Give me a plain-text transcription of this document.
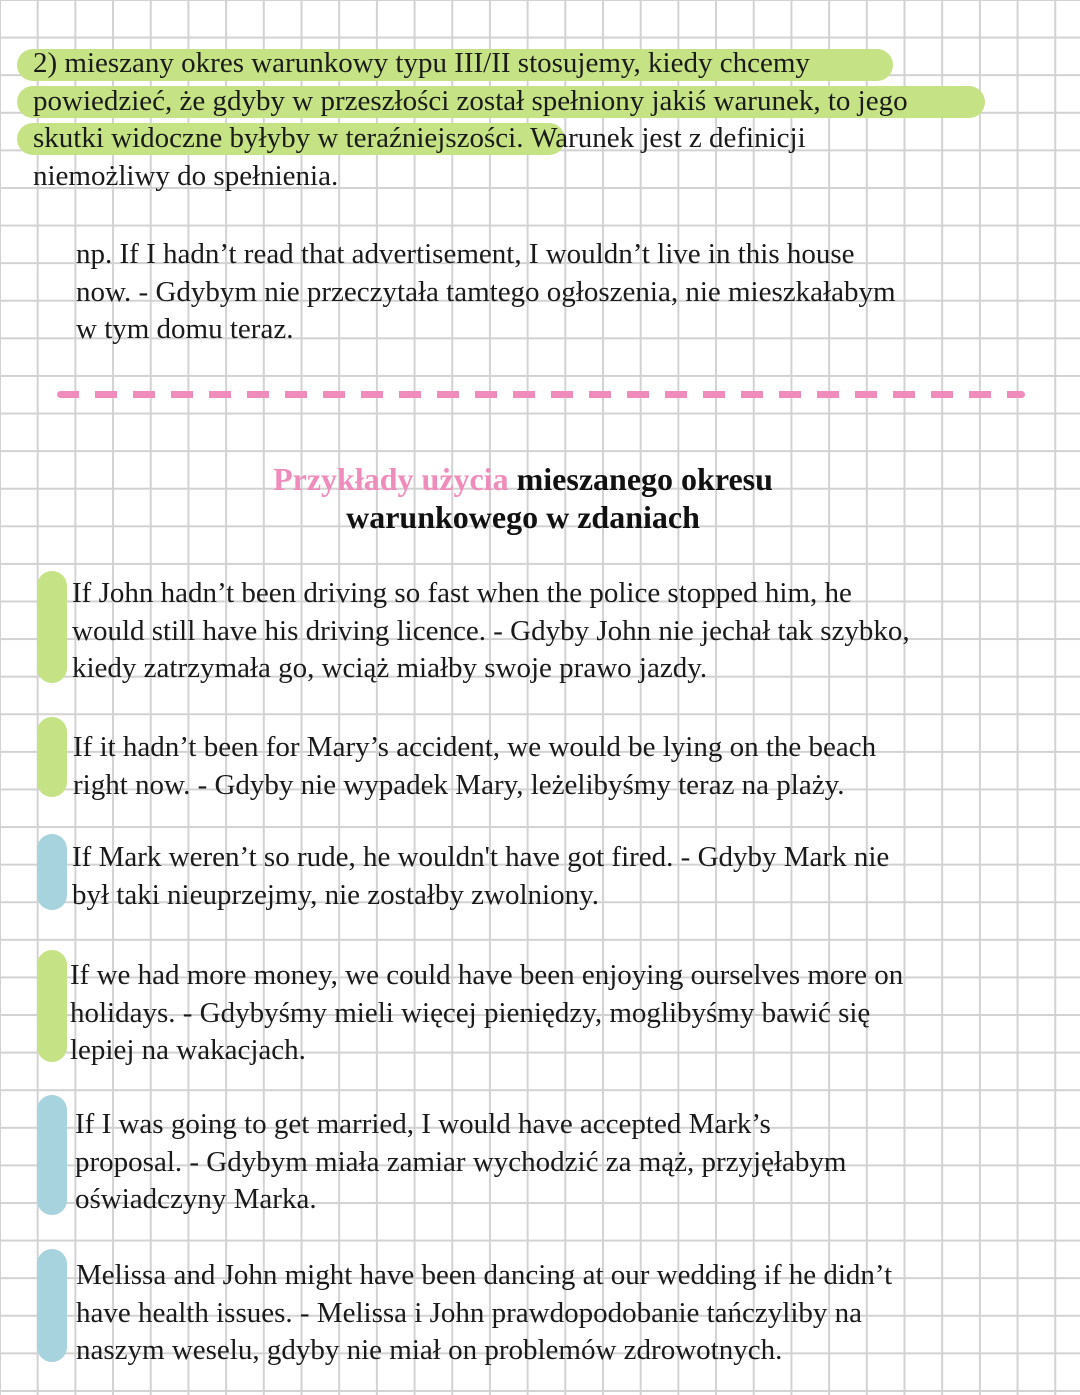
2) mieszany okres warunkowy typu III/II stosujemy, kiedy chcemy
powiedzieć, że gdyby w przeszłości został spełniony jakiś warunek, to jego
skutki widoczne byłyby w teraźniejszości. Warunek jest z definicji
niemożliwy do spełnienia.
np. If I hadn’t read that advertisement, I wouldn’t live in this house
now. - Gdybym nie przeczytała tamtego ogłoszenia, nie mieszkałabym
w tym domu teraz.
Przykłady użycia mieszanego okresu
warunkowego w zdaniach
If John hadn’t been driving so fast when the police stopped him, he
would still have his driving licence. - Gdyby John nie jechał tak szybko,
kiedy zatrzymała go, wciąż miałby swoje prawo jazdy.
If it hadn’t been for Mary’s accident, we would be lying on the beach
right now. - Gdyby nie wypadek Mary, leżelibyśmy teraz na plaży.
If Mark weren’t so rude, he wouldn't have got fired. - Gdyby Mark nie
był taki nieuprzejmy, nie zostałby zwolniony.
If we had more money, we could have been enjoying ourselves more on
holidays. - Gdybyśmy mieli więcej pieniędzy, moglibyśmy bawić się
lepiej na wakacjach.
If I was going to get married, I would have accepted Mark’s
proposal. - Gdybym miała zamiar wychodzić za mąż, przyjęłabym
oświadczyny Marka.
Melissa and John might have been dancing at our wedding if he didn’t
have health issues. - Melissa i John prawdopodobanie tańczyliby na
naszym weselu, gdyby nie miał on problemów zdrowotnych.
